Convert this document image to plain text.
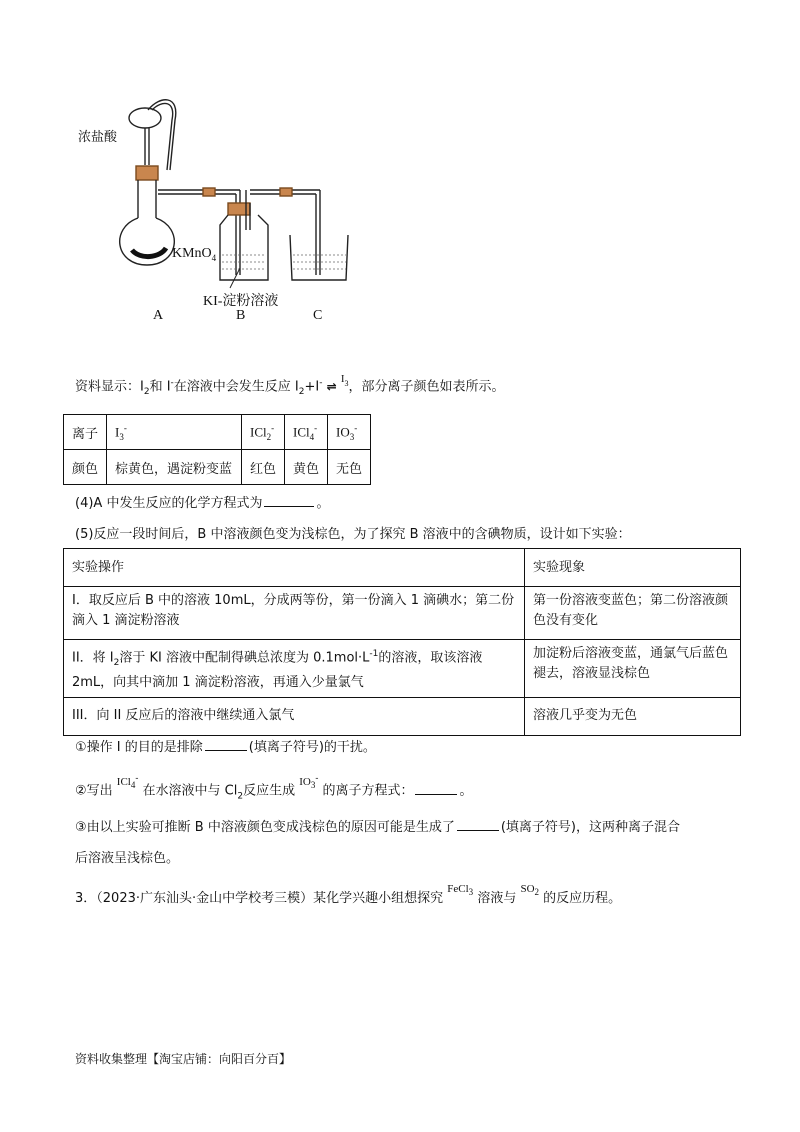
浓盐酸
KMnO$_4$
KI-淀粉溶液
A	B	C
资料显示：$I_2$和 I-在溶液中会发生反应 $I_2+I^-$ ⇌ $^I_3$，部分离子颜色如表所示。
离子	$I_3^-$	ICl$_2$-	ICl$_4$-	$IO_3^-$
颜色	棕黄色，遇淀粉变蓝	红色	黄色	无色
(4)A 中发生反应的化学方程式为	。
(5)反应一段时间后，B 中溶液颜色变为浅棕色，为了探究 B 溶液中的含碘物质，设计如下实验：
实验操作	实验现象
I．取反应后 B 中的溶液 10mL，分成两等份，第一份滴入 1 滴碘水；第二份滴入 1 滴淀粉溶液	第一份溶液变蓝色；第二份溶液颜色没有变化
II．将 $I_2$溶于 KI 溶液中配制得碘总浓度为 $0.1mol\cdot L^{-1}$的溶液，取该溶液 2mL，向其中滴加 1 滴淀粉溶液，再通入少量氯气	加淀粉后溶液变蓝，通氯气后蓝色褪去，溶液显浅棕色
III．向 II 反应后的溶液中继续通入氯气	溶液几乎变为无色
①操作 I 的目的是排除	(填离子符号)的干扰。
②写出 $^{ICl_4^-}$ 在水溶液中与 $Cl_2$反应生成 $^{IO_3^-}$ 的离子方程式：	。
③由以上实验可推断 B 中溶液颜色变成浅棕色的原因可能是生成了	(填离子符号)，这两种离子混合
后溶液呈浅棕色。
3．（2023·广东汕头·金山中学校考三模）某化学兴趣小组想探究 $^{FeCl_3}$ 溶液与 $^{SO_2}$ 的反应历程。
资料收集整理【淘宝店铺：向阳百分百】
